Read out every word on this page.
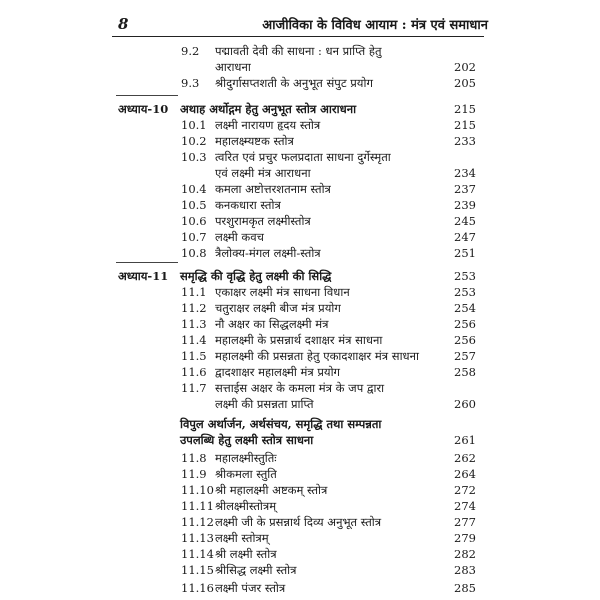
8	आजीविका के विविध आयाम : मंत्र एवं समाधान
9.2 पद्मावती देवी की साधना : धन प्राप्ति हेतु
आराधना	202
9.3 श्रीदुर्गासप्तशती के अनुभूत संपुट प्रयोग	205
अध्याय-10 अथाह अर्थोद्गम हेतु अनुभूत स्तोत्र आराधना	215
10.1 लक्ष्मी नारायण हृदय स्तोत्र	215
10.2 महालक्ष्म्यष्टक स्तोत्र	233
10.3 त्वरित एवं प्रचुर फलप्रदाता साधना दुर्गेस्मृता
एवं लक्ष्मी मंत्र आराधना	234
10.4 कमला अष्टोत्तरशतनाम स्तोत्र	237
10.5 कनकधारा स्तोत्र	239
10.6 परशुरामकृत लक्ष्मीस्तोत्र	245
10.7 लक्ष्मी कवच	247
10.8 त्रैलोक्य-मंगल लक्ष्मी-स्तोत्र	251
अध्याय-11 समृद्धि की वृद्धि हेतु लक्ष्मी की सिद्धि	253
11.1 एकाक्षर लक्ष्मी मंत्र साधना विधान	253
11.2 चतुराक्षर लक्ष्मी बीज मंत्र प्रयोग	254
11.3 नौ अक्षर का सिद्धलक्ष्मी मंत्र	256
11.4 महालक्ष्मी के प्रसन्नार्थ दशाक्षर मंत्र साधना	256
11.5 महालक्ष्मी की प्रसन्नता हेतु एकादशाक्षर मंत्र साधना	257
11.6 द्वादशाक्षर महालक्ष्मी मंत्र प्रयोग	258
11.7 सत्ताईस अक्षर के कमला मंत्र के जप द्वारा
लक्ष्मी की प्रसन्नता प्राप्ति	260
विपुल अर्थार्जन, अर्थसंचय, समृद्धि तथा सम्पन्नता
उपलब्धि हेतु लक्ष्मी स्तोत्र साधना	261
11.8 महालक्ष्मीस्तुतिः	262
11.9 श्रीकमला स्तुति	264
11.10 श्री महालक्ष्मी अष्टकम् स्तोत्र	272
11.11 श्रीलक्ष्मीस्तोत्रम्	274
11.12 लक्ष्मी जी के प्रसन्नार्थ दिव्य अनुभूत स्तोत्र	277
11.13 लक्ष्मी स्तोत्रम्	279
11.14 श्री लक्ष्मी स्तोत्र	282
11.15 श्रीसिद्ध लक्ष्मी स्तोत्र	283
11.16 लक्ष्मी पंजर स्तोत्र	285
